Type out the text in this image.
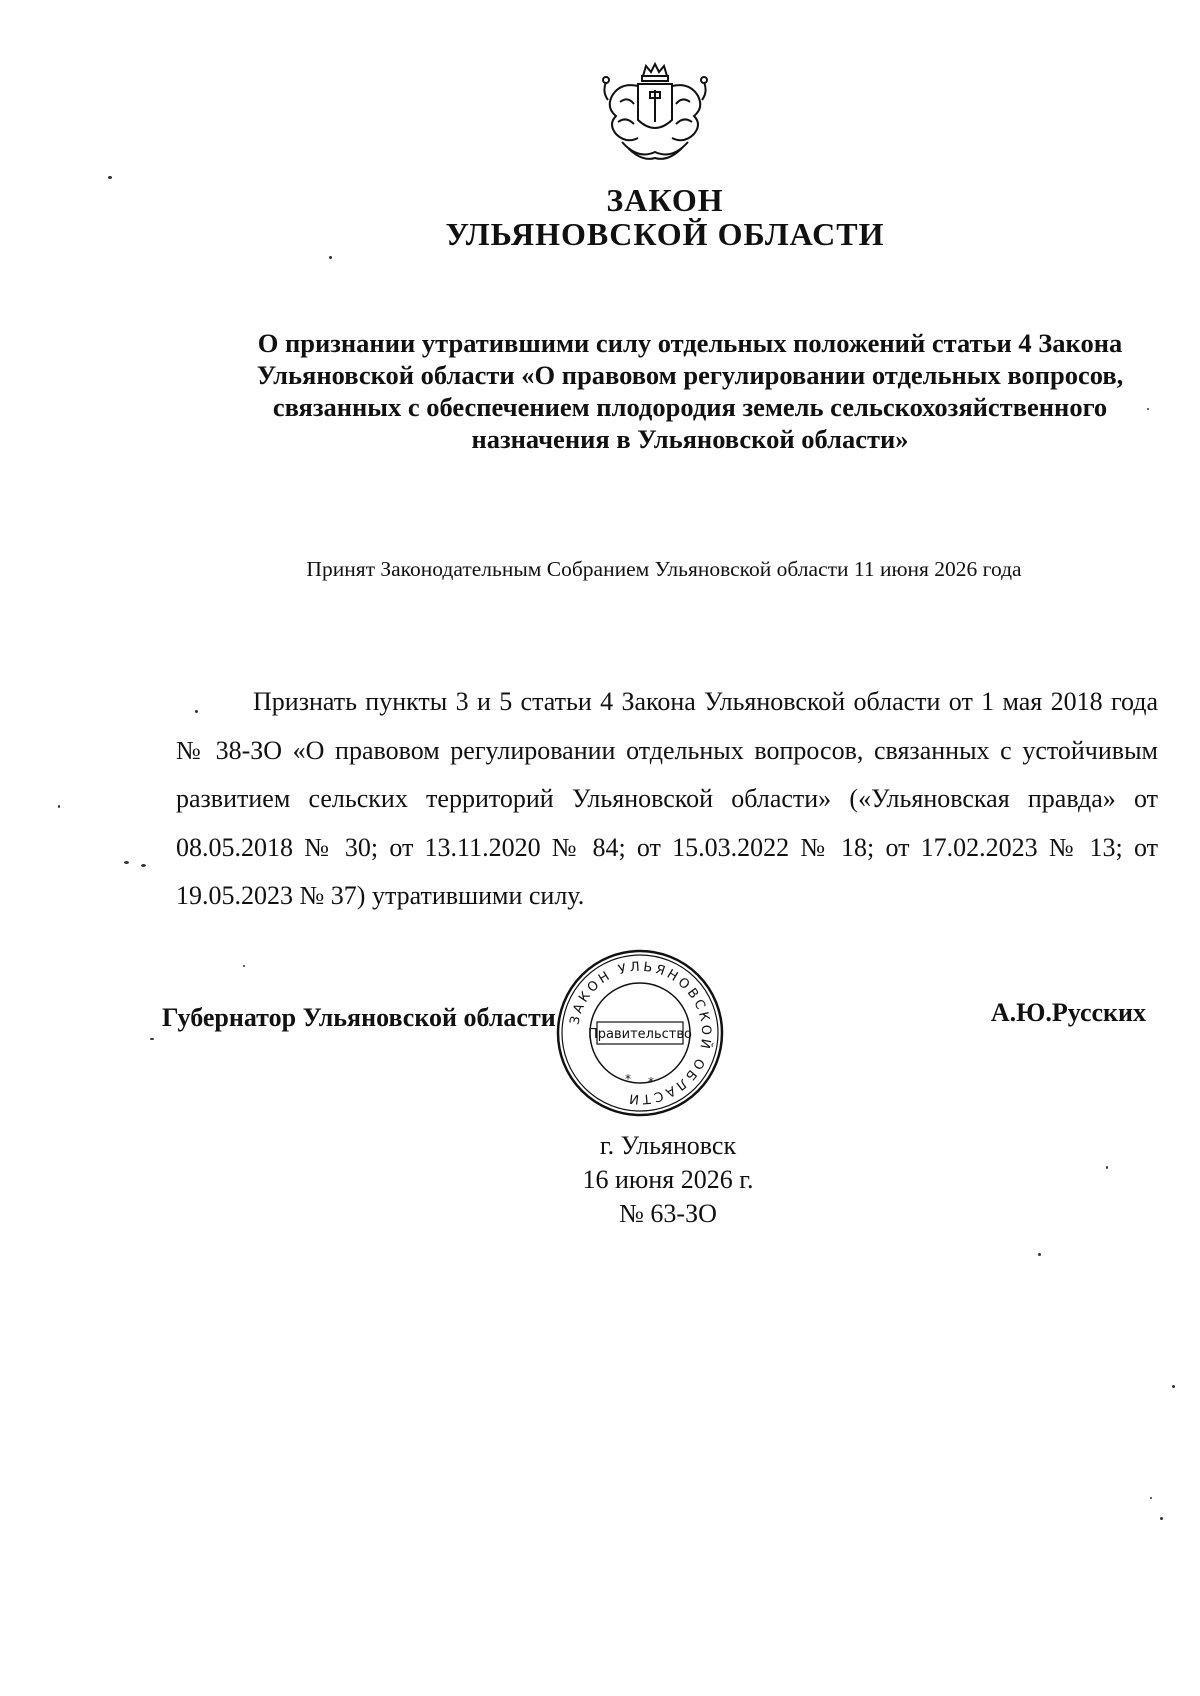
ЗАКОН
УЛЬЯНОВСКОЙ ОБЛАСТИ
О признании утратившими силу отдельных положений статьи 4 Закона Ульяновской области «О правовом регулировании отдельных вопросов, связанных с обеспечением плодородия земель сельскохозяйственного назначения в Ульяновской области»
Принят Законодательным Собранием Ульяновской области 11 июня 2026 года

Признать пункты 3 и 5 статьи 4 Закона Ульяновской области от 1 мая 2018 года № 38-ЗО «О правовом регулировании отдельных вопросов, связанных с устойчивым развитием сельских территорий Ульяновской области» («Ульяновская правда» от 08.05.2018 № 30; от 13.11.2020 № 84; от 15.03.2022 № 18; от 17.02.2023 № 13; от 19.05.2023 № 37) утратившими силу.

Губернатор Ульяновской области ЗАКОН УЛЬЯНОВСКОЙ ОБЛАСТИ
Правительство
* *
А.Ю.Русских
г. Ульяновск
16 июня 2026 г.
№ 63-ЗО
